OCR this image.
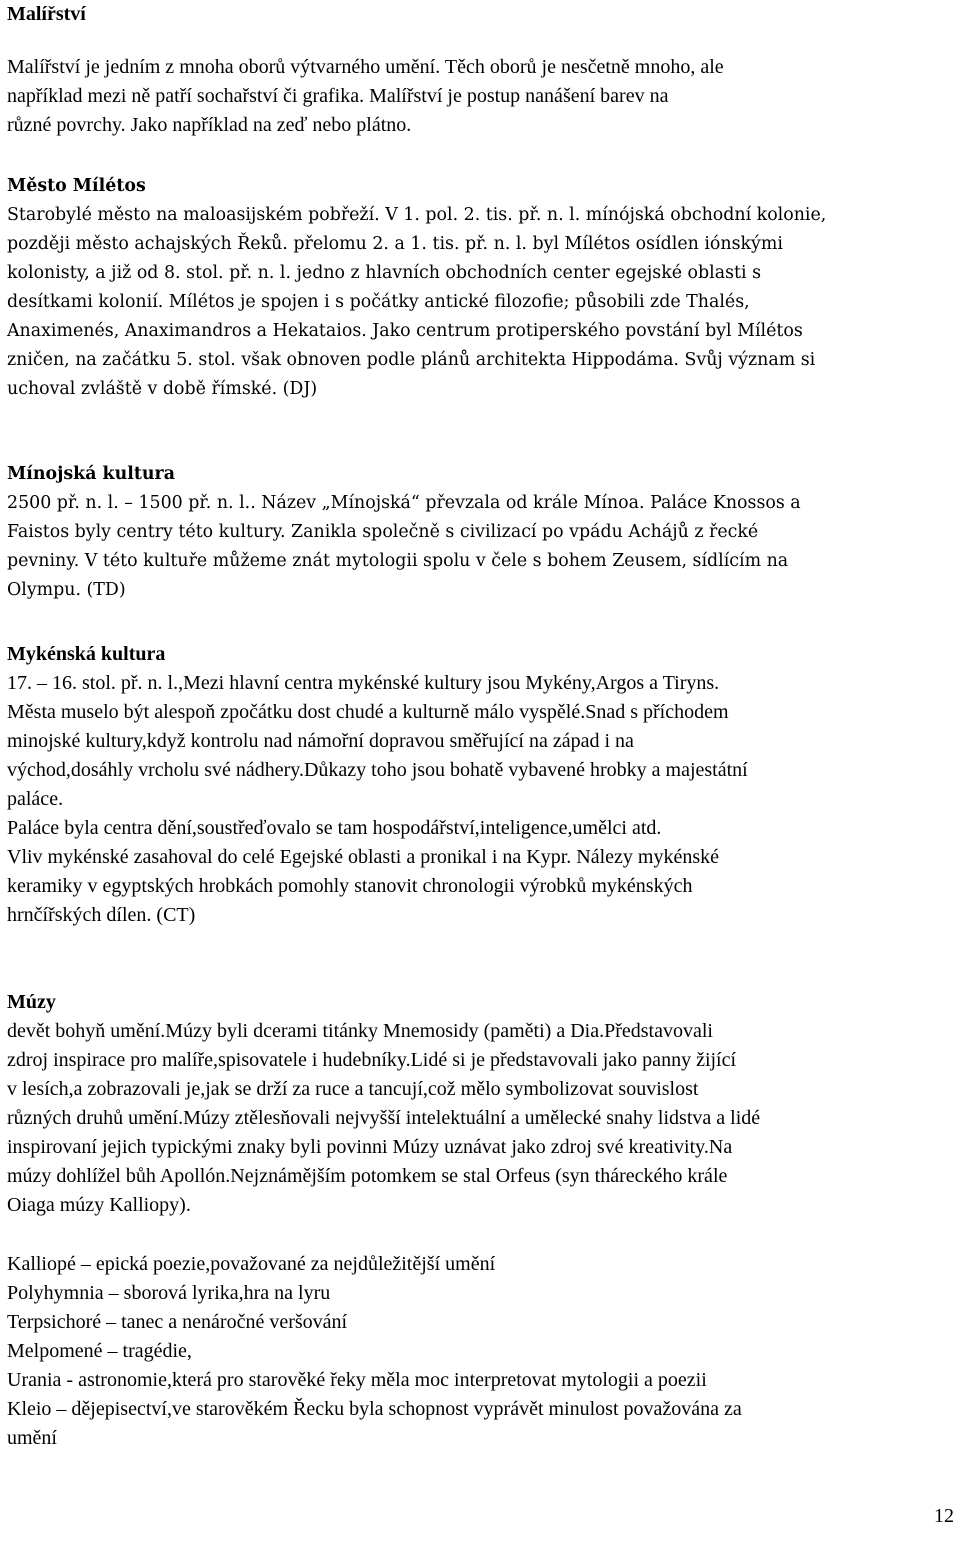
Malířství
Malířství je jedním z mnoha oborů výtvarného umění. Těch oborů je nesčetně mnoho, ale
například mezi ně patří sochařství či grafika. Malířství je postup nanášení barev na
různé povrchy. Jako například na zeď nebo plátno.
Město Mílétos
Starobylé město na maloasijském pobřeží. V 1. pol. 2. tis. př. n. l. mínójská obchodní kolonie,
později město achajských Řeků. přelomu 2. a 1. tis. př. n. l. byl Mílétos osídlen iónskými
kolonisty, a již od 8. stol. př. n. l. jedno z hlavních obchodních center egejské oblasti s
desítkami kolonií. Mílétos je spojen i s počátky antické filozofie; působili zde Thalés,
Anaximenés, Anaximandros a Hekataios. Jako centrum protiperského povstání byl Mílétos
zničen, na začátku 5. stol. však obnoven podle plánů architekta Hippodáma. Svůj význam si
uchoval zvláště v době římské. (DJ)
Mínojská kultura
2500 př. n. l. – 1500 př. n. l.. Název „Mínojská“ převzala od krále Mínoa. Paláce Knossos a
Faistos byly centry této kultury. Zanikla společně s civilizací po vpádu Achájů z řecké
pevniny. V této kultuře můžeme znát mytologii spolu v čele s bohem Zeusem, sídlícím na
Olympu. (TD)
Mykénská kultura
17. – 16. stol. př. n. l.,Mezi hlavní centra mykénské kultury jsou Mykény,Argos a Tiryns.
Města muselo být alespoň zpočátku dost chudé a kulturně málo vyspělé.Snad s příchodem
minojské kultury,když kontrolu nad námořní dopravou směřující na západ i na
východ,dosáhly vrcholu své nádhery.Důkazy toho jsou bohatě vybavené hrobky a majestátní
paláce.
Paláce byla centra dění,soustřeďovalo se tam hospodářství,inteligence,umělci atd.
Vliv mykénské zasahoval do celé Egejské oblasti a pronikal i na Kypr. Nálezy mykénské
keramiky v egyptských hrobkách pomohly stanovit chronologii výrobků mykénských
hrnčířských dílen. (CT)
Múzy
devět bohyň umění.Múzy byli dcerami titánky Mnemosidy (paměti) a Dia.Představovali
zdroj inspirace pro malíře,spisovatele i hudebníky.Lidé si je představovali jako panny žijící
v lesích,a zobrazovali je,jak se drží za ruce a tancují,což mělo symbolizovat souvislost
různých druhů umění.Múzy ztělesňovali nejvyšší intelektuální a umělecké snahy lidstva a lidé
inspirovaní jejich typickými znaky byli povinni Múzy uznávat jako zdroj své kreativity.Na
múzy dohlížel bůh Apollón.Nejznámějším potomkem se stal Orfeus (syn tháreckého krále
Oiaga múzy Kalliopy).
Kalliopé – epická poezie,považované za nejdůležitější umění
Polyhymnia – sborová lyrika,hra na lyru
Terpsichoré – tanec a nenáročné veršování
Melpomené – tragédie,
Urania - astronomie,která pro starověké řeky měla moc interpretovat mytologii a poezii
Kleio – dějepisectví,ve starověkém Řecku byla schopnost vyprávět minulost považována za
umění
12
